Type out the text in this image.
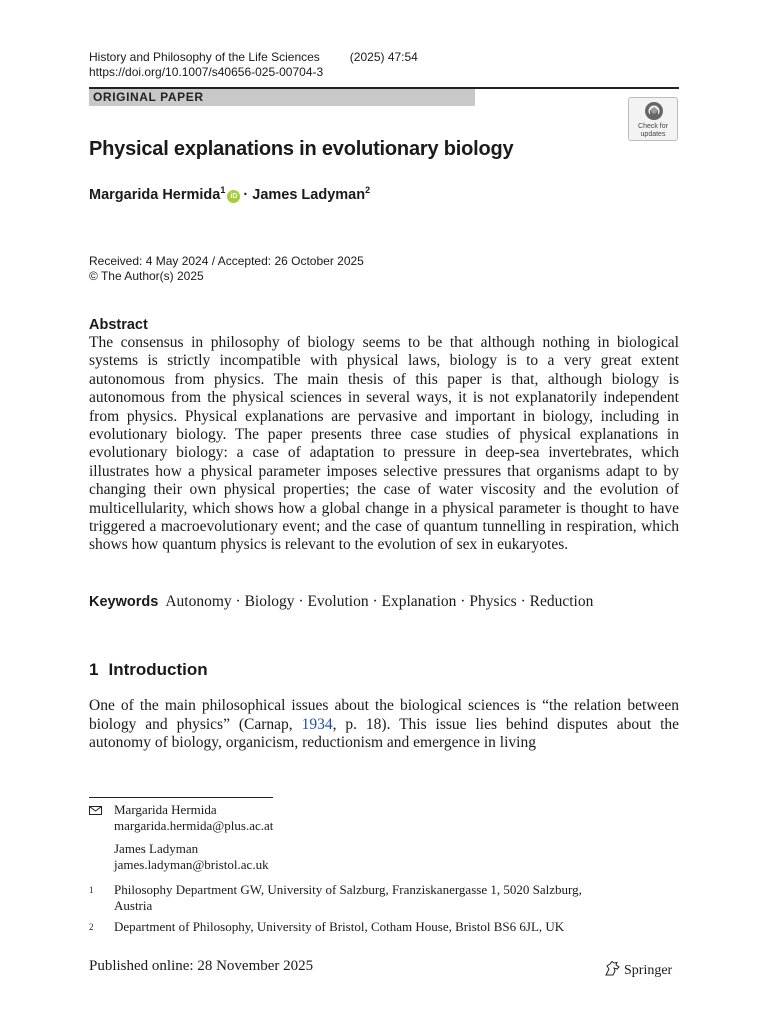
History and Philosophy of the Life Sciences	(2025) 47:54
https://doi.org/10.1007/s40656-025-00704-3
ORIGINAL PAPER
Check for updates
Physical explanations in evolutionary biology
Margarida Hermida$^1$iD · James Ladyman$^2$
Received: 4 May 2024 / Accepted: 26 October 2025
© The Author(s) 2025
Abstract
The consensus in philosophy of biology seems to be that although nothing in biological systems is strictly incompatible with physical laws, biology is to a very great extent autonomous from physics. The main thesis of this paper is that, although biology is autonomous from the physical sciences in several ways, it is not explanatorily independent from physics. Physical explanations are pervasive and important in biology, including in evolutionary biology. The paper presents three case studies of physical explanations in evolutionary biology: a case of adaptation to pressure in deep-sea invertebrates, which illustrates how a physical parameter imposes selective pressures that organisms adapt to by changing their own physical properties; the case of water viscosity and the evolution of multicellularity, which shows how a global change in a physical parameter is thought to have triggered a macroevolutionary event; and the case of quantum tunnelling in respiration, which shows how quantum physics is relevant to the evolution of sex in eukaryotes.
Keywords Autonomy · Biology · Evolution · Explanation · Physics · Reduction
1 Introduction
One of the main philosophical issues about the biological sciences is “the relation between biology and physics” (Carnap, 1934, p. 18). This issue lies behind disputes about the autonomy of biology, organicism, reductionism and emergence in living
Margarida Hermida
margarida.hermida@plus.ac.at
James Ladyman
james.ladyman@bristol.ac.uk
1 Philosophy Department GW, University of Salzburg, Franziskanergasse 1, 5020 Salzburg,
Austria
2 Department of Philosophy, University of Bristol, Cotham House, Bristol BS6 6JL, UK
Published online: 28 November 2025	Springer
